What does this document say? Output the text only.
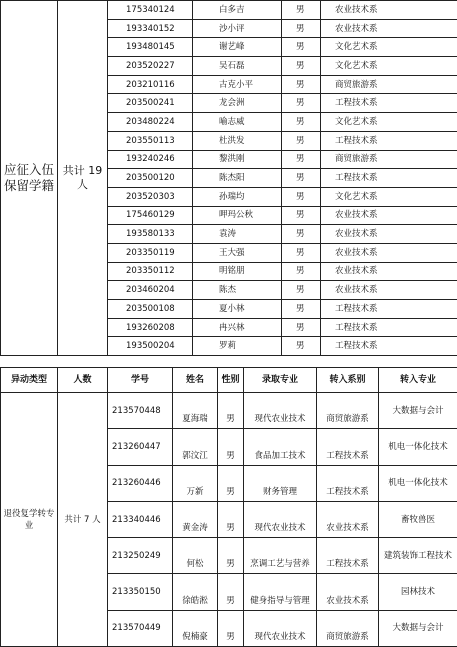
应征入伍保留学籍	共计 19 人	175340124	白多吉	男	农业技术系
		193340152	沙小评	男	农业技术系
		193480145	谢艺峰	男	文化艺术系
		203520227	吴石磊	男	文化艺术系
		203210116	古克小平	男	商贸旅游系
		203500241	龙会洲	男	工程技术系
		203480224	喻志威	男	文化艺术系
		203550113	杜洪发	男	工程技术系
		193240246	黎洪刚	男	商贸旅游系
		203500120	陈杰阳	男	工程技术系
		203520303	孙瑞均	男	文化艺术系
		175460129	呷玛公秋	男	农业技术系
		193580133	袁涛	男	农业技术系
		203350119	王大强	男	农业技术系
		203350112	明铭朋	男	农业技术系
		203460204	陈杰	男	农业技术系
		203500108	夏小林	男	工程技术系
		193260208	冉兴林	男	工程技术系
		193500204	罗莉	男	工程技术系
异动类型	人数	学号	姓名	性别	录取专业	转入系别	转入专业
退役复学转专业	共计 7 人	213570448	夏海瑞	男	现代农业技术	商贸旅游系	大数据与会计
		213260447	郭汶江	男	食品加工技术	工程技术系	机电一体化技术
		213260446	万新	男	财务管理	工程技术系	机电一体化技术
		213340446	黄金涛	男	现代农业技术	农业技术系	畜牧兽医
		213250249	何松	男	烹调工艺与营养	工程技术系	建筑装饰工程技术
		213350150	徐皓淞	男	健身指导与管理	农业技术系	园林技术
		213570449	倪楠豪	男	现代农业技术	商贸旅游系	大数据与会计
